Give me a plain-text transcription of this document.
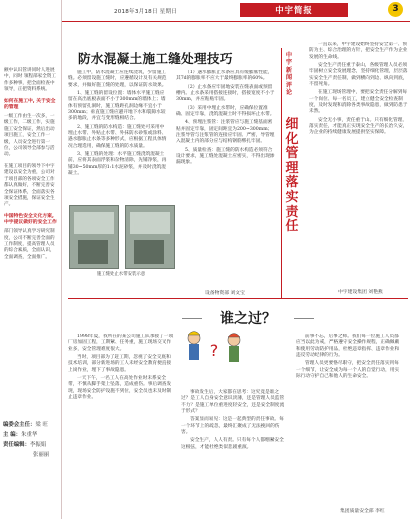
额中认识管讲同时人进展中，同时 领程部家全资工作多种事，把全面检查中领导，正把资料系统。

如何在施工中, 关于安全的管理

一级工作由生一次多，一级工作，二级工作，实施施工安全保证，然后出动项目施工，安全工作一级，人员安全进行第一位，公司领导全部参与活动。

在施工项目的领导下中宇建设以安全为重，公司对于项目部的各项安全工作都认真做好，不断完善安全保证体系，全面落实各项安全措施，保证安全生产。

中国特色安全文化方案, 中宇提议做好的安全工作

部门领导认真学习研究制度，公司不断完善全面的工作制度，提高管理人员的综合素质，全面认识，全面调查，全面推广。

编委会主任：梁 旺
主 编：朱重华
责任编辑：李振娟
张丽丽
2018年3月18日 星期日	中宇简报	3
防水混凝土施工缝处理技巧

施工中，防水混凝土应连续浇筑，少留施工缝。必须留设施工缝时，应遵循设计及有关规范要求，并做好施工缝的处理，以保证防水效果。

1、施工缝的留设位置：墙体水平施工缝应留在高出底板表面不小于300mm的墙体上；墙体有预留孔洞时，施工缝距孔洞边缘不宜小于300mm；垂直施工缝应避开地下水和裂隙水较多的地段，并宜与变形缝相结合。

2、施工缝的防水构造：施工缝处可采用中埋止水带、外贴止水带、外抹防水砂浆或涂料、遇水膨胀止水条等多种形式，应根据工程具体情况合理选用，确保施工缝的防水质量。

3、施工缝的处理：水平施工缝浇筑混凝土前，应将其表面浮浆和杂物清除，先铺净浆，再铺30~50mm厚的1:1水泥砂浆，并及时浇筑混凝土。

（1）遇水膨胀止水条应具有缓膨胀性能，其7d的膨胀率不应大于最终膨胀率的60%。

（2）止水条应牢固地安装在缝表面或预留槽内。止水条采用搭接连接时，搭接宽度不小于30mm，并应粘贴牢固。

（3）采用中埋止水带时，应确保位置准确、固定牢靠，浇筑混凝土时不得损坏止水带。

4、预埋注浆管：注浆管应与施工缝基面密贴并固定牢靠，固定间距宜为200~300mm；注浆导管与注浆管的连接应牢固、严密，导管埋入混凝土内的部分应与结构钢筋绑扎牢固。

5、质量检查：施工缝的防水构造必须符合设计要求，施工缝处混凝土应密实，不得出现渗漏现象。

施工缝处止水带安装示意
设备物资部 刘文宝
中宇新闻评论
细化管理 落实责任

一直以来，中宇建设始终坚持安全第一、预防为主、综合治理的方针，把安全生产作为企业发展的生命线。

安全生产责任重于泰山，各级管理人员必须牢固树立安全发展理念，坚持细化管理，层层落实安全生产责任制，做到横向到边、纵向到底，不留死角。

在施工现场管理中，要把安全责任分解到每一个岗位、每一名员工，建立健全安全检查制度，及时发现和消除各类事故隐患，做到防患于未然。

安全无小事，责任重于山。只有细化管理、落实责任，才能真正实现安全生产的长治久安，为企业的持续健康发展提供坚实保障。

中宇建设集团 刘艳燕
谁之过？
?

1998年夏，我所在的某公司施工队承接了一项厂房加固工程，工期紧、任务重，施工现场交叉作业多，安全管理难度很大。

当时，项目部为了赶工期，忽视了安全交底和技术培训，部分新进场的工人未经安全教育便直接上岗作业，埋下了事故隐患。

一天下午，一名工人在高处作业时未系安全带，不慎从脚手架上坠落，造成重伤。事后调查发现，现场安全防护设施不到位，安全员也未及时制止违章作业。

事故发生后，大家都在思考：这究竟是谁之过？是工人自身安全意识淡薄，还是管理人员监管不力？是施工单位重进度轻安全，还是安全制度流于形式？

答案显而易见：这是一起典型的责任事故。每一个环节上的疏忽，最终汇聚成了无法挽回的伤害。

安全生产，人人有责。只有每个人都绷紧安全这根弦，才能杜绝类似悲剧重演。

前事不忘，后事之师。我们每一位施工人员都应当以此为戒，严格遵守安全操作规程，正确佩戴和使用劳动防护用品，杜绝违章指挥、违章作业和违反劳动纪律的行为。

管理人员更要恪尽职守，把安全责任落实到每一个细节，让安全成为每一个人的自觉行动，用实际行动守护自己和他人的生命安全。

集团质量安全部 李红
